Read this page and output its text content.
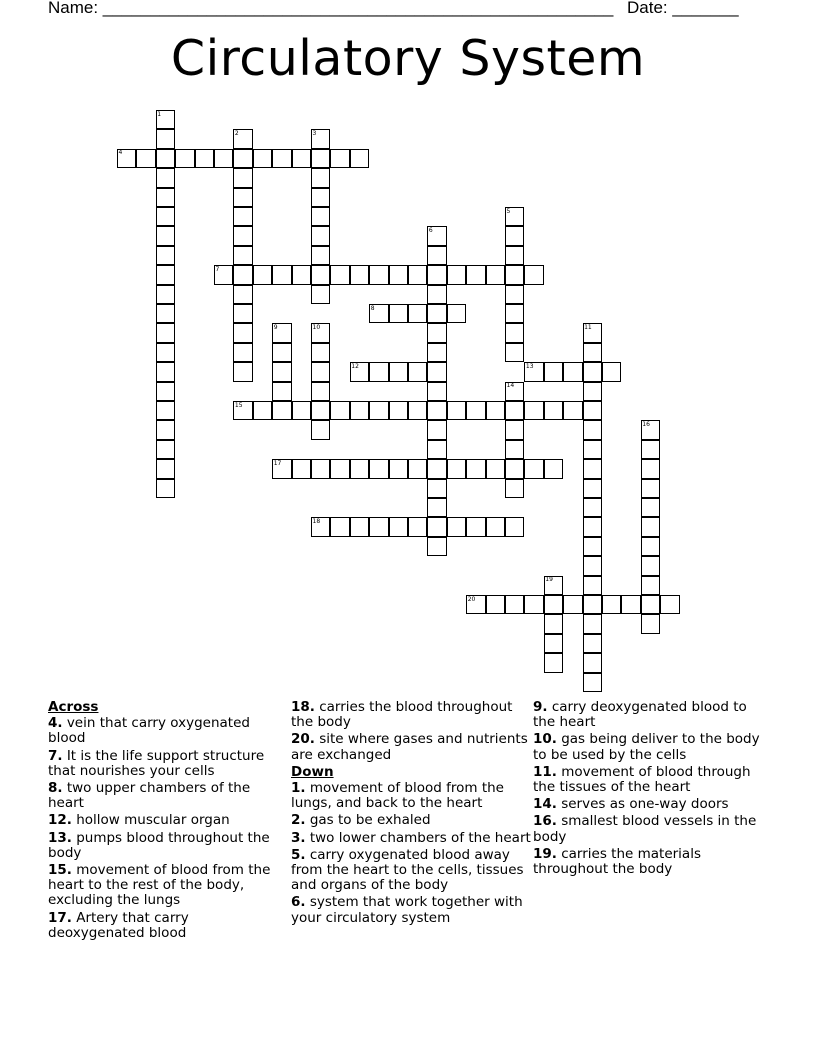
Name: ______________________________________________________ Date: _______
Circulatory System
1
2	3
4
5
6
7
8
9	10	11
12	13
14
15
16
17
18
19
20
Across
4. vein that carry oxygenated blood
7. It is the life support structure that nourishes your cells
8. two upper chambers of the heart
12. hollow muscular organ
13. pumps blood throughout the body
15. movement of blood from the heart to the rest of the body, excluding the lungs
17. Artery that carry deoxygenated blood
18. carries the blood throughout the body
20. site where gases and nutrients are exchanged
Down
1. movement of blood from the lungs, and back to the heart
2. gas to be exhaled
3. two lower chambers of the heart
5. carry oxygenated blood away from the heart to the cells, tissues and organs of the body
6. system that work together with your circulatory system
9. carry deoxygenated blood to the heart
10. gas being deliver to the body to be used by the cells
11. movement of blood through the tissues of the heart
14. serves as one-way doors
16. smallest blood vessels in the body
19. carries the materials throughout the body
